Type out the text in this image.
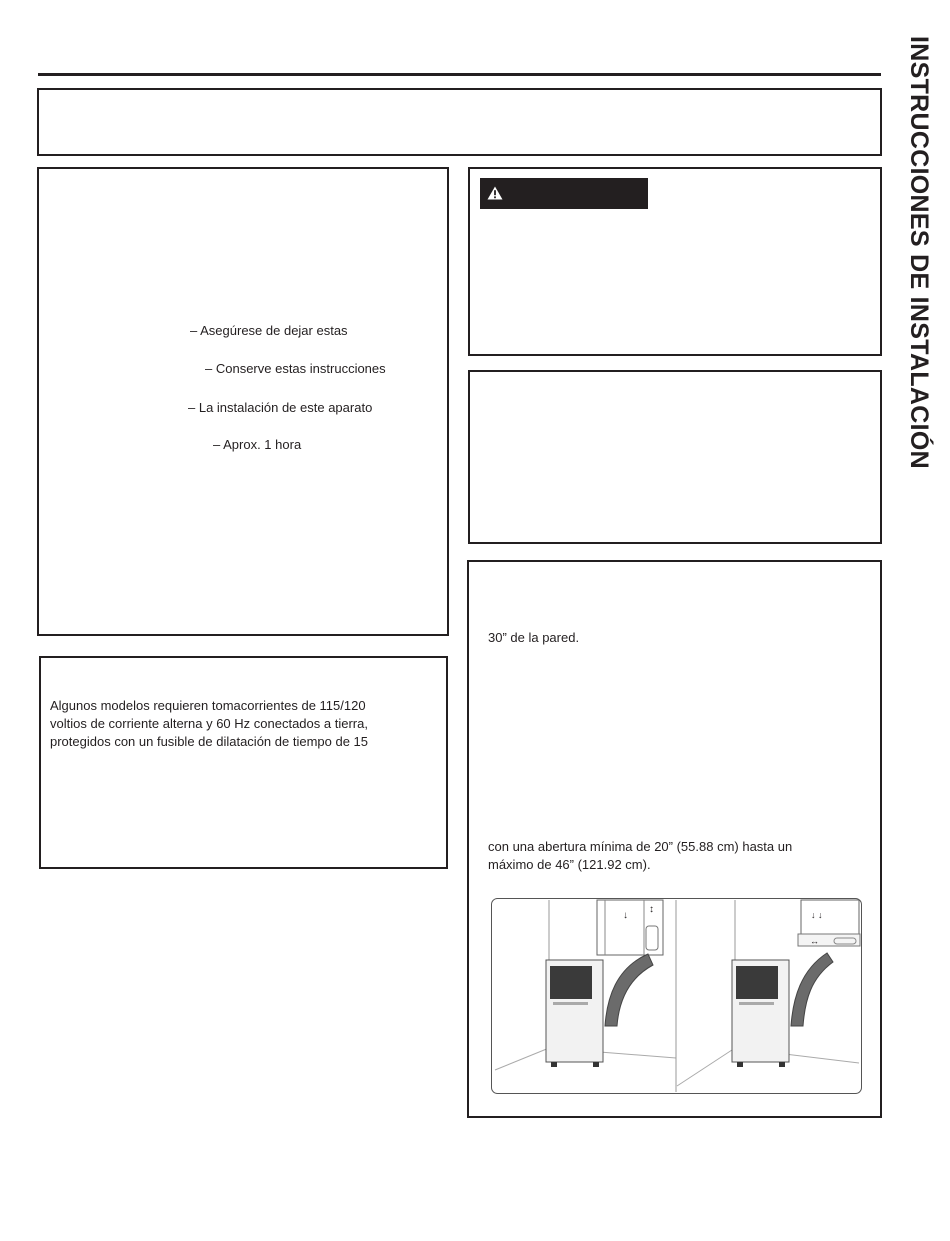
INSTRUCCIONES DE INSTALACIÓN
– Asegúrese de dejar estas
– Conserve estas instrucciones
– La instalación de este aparato
– Aprox. 1 hora
Algunos modelos requieren tomacorrientes de 115/120
voltios de corriente alterna y 60 Hz conectados a tierra,
protegidos con un fusible de dilatación de tiempo de 15
30” de la pared.
con una abertura mínima de 20” (55.88 cm) hasta un
máximo de 46” (121.92 cm).
↓
↕	↓ ↓
↔
